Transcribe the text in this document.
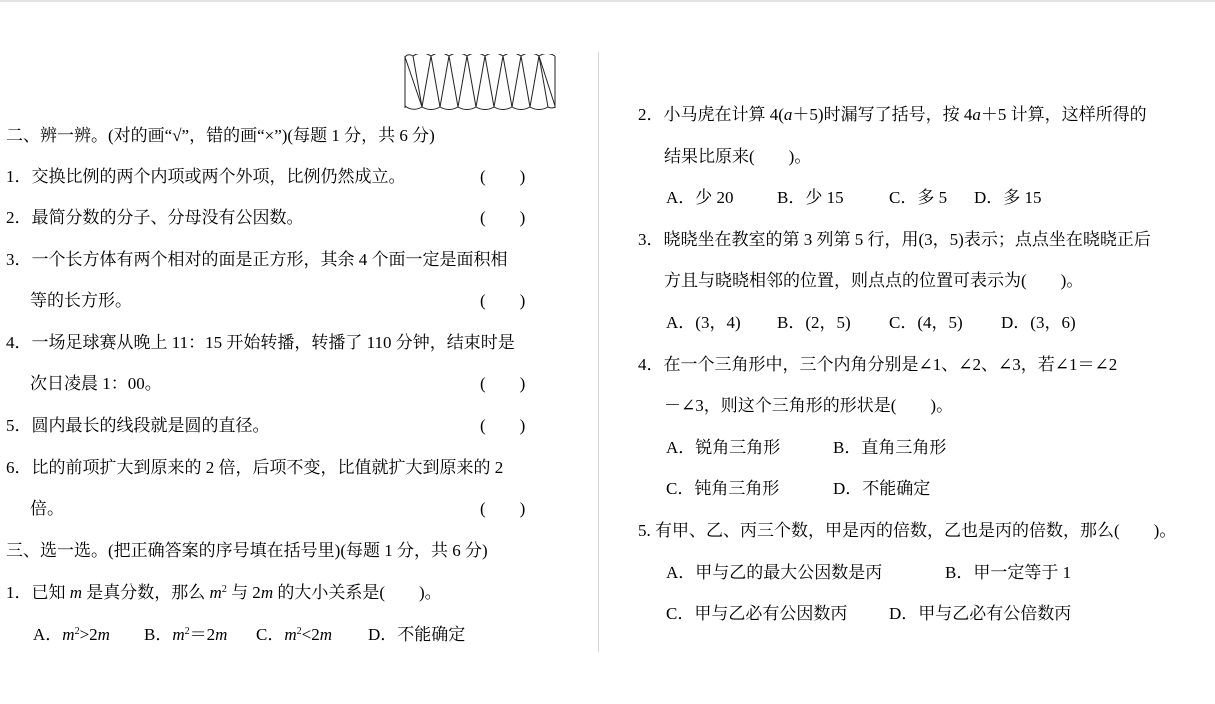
二、辨一辨。(对的画“√”，错的画“×”)(每题 1 分，共 6 分)
1．交换比例的两个内项或两个外项，比例仍然成立。	(　　)
2．最简分数的分子、分母没有公因数。	(　　)
3．一个长方体有两个相对的面是正方形，其余 4 个面一定是面积相
等的长方形。	(　　)
4．一场足球赛从晚上 11：15 开始转播，转播了 110 分钟，结束时是
次日凌晨 1：00。	(　　)
5．圆内最长的线段就是圆的直径。	(　　)
6．比的前项扩大到原来的 2 倍，后项不变，比值就扩大到原来的 2
倍。	(　　)
三、选一选。(把正确答案的序号填在括号里)(每题 1 分，共 6 分)
1．已知 m 是真分数，那么 $m^2$ 与 2m 的大小关系是(　　)。
A．$m^2>2m$ B．$m^2=2m$ C．$m^2<2m$ D．不能确定
2．小马虎在计算 4(a＋5)时漏写了括号，按 4a＋5 计算，这样所得的
结果比原来(　　)。
A．少 20	B．少 15	C．多 5 D．多 15
3．晓晓坐在教室的第 3 列第 5 行，用(3，5)表示；点点坐在晓晓正后
方且与晓晓相邻的位置，则点点的位置可表示为(　　)。
A．(3，4) B．(2，5) C．(4，5) D．(3，6)
4．在一个三角形中，三个内角分别是∠1、∠2、∠3，若∠1＝∠2
－∠3，则这个三角形的形状是(　　)。
A．锐角三角形	B．直角三角形
C．钝角三角形	D．不能确定
5. 有甲、乙、丙三个数，甲是丙的倍数，乙也是丙的倍数，那么(　　)。
A．甲与乙的最大公因数是丙	B．甲一定等于 1
C．甲与乙必有公因数丙 D．甲与乙必有公倍数丙
